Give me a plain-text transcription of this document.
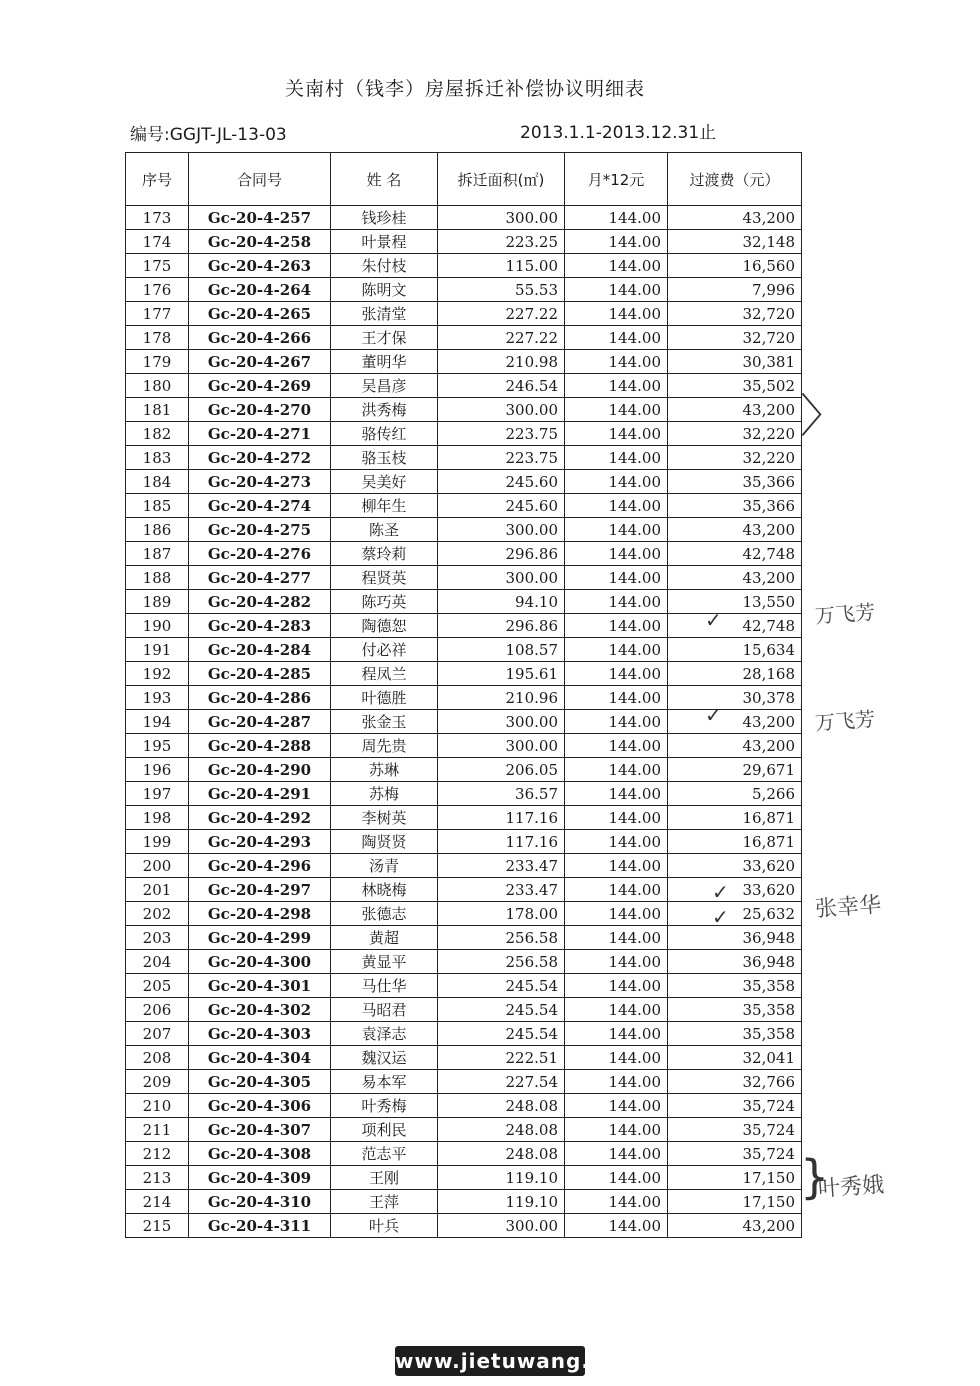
关南村（钱李）房屋拆迁补偿协议明细表
编号:GGJT-JL-13-03	2013.1.1-2013.12.31止
序号	合同号	姓 名	拆迁面积(㎡)	月*12元	过渡费（元）
173	Gc-20-4-257	钱珍桂	300.00	144.00	43,200
174	Gc-20-4-258	叶景程	223.25	144.00	32,148
175	Gc-20-4-263	朱付枝	115.00	144.00	16,560
176	Gc-20-4-264	陈明文	55.53	144.00	7,996
177	Gc-20-4-265	张清堂	227.22	144.00	32,720
178	Gc-20-4-266	王才保	227.22	144.00	32,720
179	Gc-20-4-267	董明华	210.98	144.00	30,381
180	Gc-20-4-269	吴昌彦	246.54	144.00	35,502
181	Gc-20-4-270	洪秀梅	300.00	144.00	43,200
182	Gc-20-4-271	骆传红	223.75	144.00	32,220
183	Gc-20-4-272	骆玉枝	223.75	144.00	32,220
184	Gc-20-4-273	吴美好	245.60	144.00	35,366
185	Gc-20-4-274	柳年生	245.60	144.00	35,366
186	Gc-20-4-275	陈圣	300.00	144.00	43,200
187	Gc-20-4-276	蔡玲莉	296.86	144.00	42,748
188	Gc-20-4-277	程贤英	300.00	144.00	43,200
189	Gc-20-4-282	陈巧英	94.10	144.00	13,550
190	Gc-20-4-283	陶德恕	296.86	144.00	42,748
191	Gc-20-4-284	付必祥	108.57	144.00	15,634
192	Gc-20-4-285	程凤兰	195.61	144.00	28,168
193	Gc-20-4-286	叶德胜	210.96	144.00	30,378
194	Gc-20-4-287	张金玉	300.00	144.00	43,200
195	Gc-20-4-288	周先贵	300.00	144.00	43,200
196	Gc-20-4-290	苏琳	206.05	144.00	29,671
197	Gc-20-4-291	苏梅	36.57	144.00	5,266
198	Gc-20-4-292	李树英	117.16	144.00	16,871
199	Gc-20-4-293	陶贤贤	117.16	144.00	16,871
200	Gc-20-4-296	汤青	233.47	144.00	33,620
201	Gc-20-4-297	林晓梅	233.47	144.00	33,620
202	Gc-20-4-298	张德志	178.00	144.00	25,632
203	Gc-20-4-299	黄超	256.58	144.00	36,948
204	Gc-20-4-300	黄显平	256.58	144.00	36,948
205	Gc-20-4-301	马仕华	245.54	144.00	35,358
206	Gc-20-4-302	马昭君	245.54	144.00	35,358
207	Gc-20-4-303	袁泽志	245.54	144.00	35,358
208	Gc-20-4-304	魏汉运	222.51	144.00	32,041
209	Gc-20-4-305	易本军	227.54	144.00	32,766
210	Gc-20-4-306	叶秀梅	248.08	144.00	35,724
211	Gc-20-4-307	项利民	248.08	144.00	35,724
212	Gc-20-4-308	范志平	248.08	144.00	35,724
213	Gc-20-4-309	王刚	119.10	144.00	17,150
214	Gc-20-4-310	王萍	119.10	144.00	17,150
215	Gc-20-4-311	叶兵	300.00	144.00	43,200
万飞芳
万飞芳
张幸华
叶秀娥
〉
}
✓
✓
✓
✓
www.jietuwang.com
